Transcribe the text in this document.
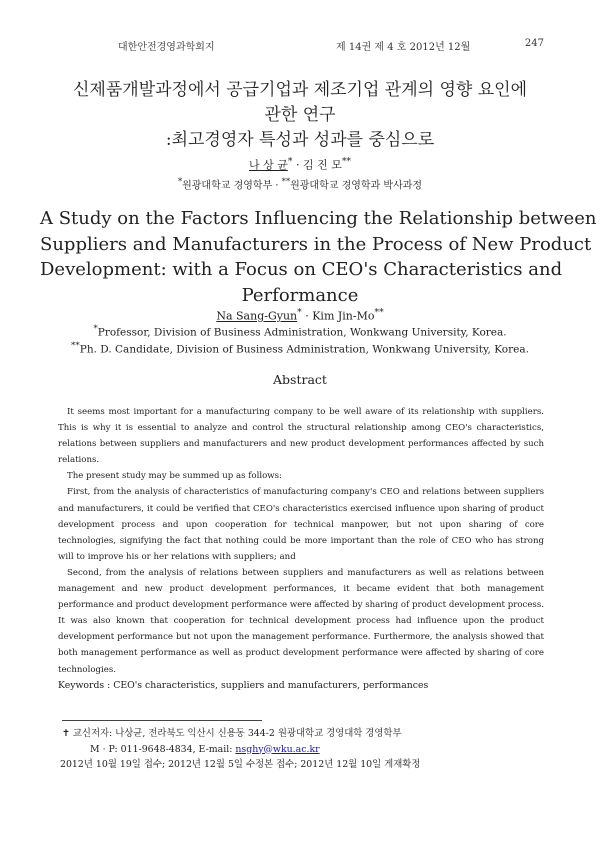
대한안전경영과학회지	제 14권 제 4 호 2012년 12월	247
신제품개발과정에서 공급기업과 제조기업 관계의 영향 요인에
관한 연구
:최고경영자 특성과 성과를 중심으로
나 상 균* · 김 진 모**
*원광대학교 경영학부 · **원광대학교 경영학과 박사과정
A Study on the Factors Influencing the Relationship between
Suppliers and Manufacturers in the Process of New Product
Development: with a Focus on CEO's Characteristics and
Performance
Na Sang-Gyun* · Kim Jin-Mo**
*Professor, Division of Business Administration, Wonkwang University, Korea.
**Ph. D. Candidate, Division of Business Administration, Wonkwang University, Korea.
Abstract

It seems most important for a manufacturing company to be well aware of its relationship with suppliers. This is why it is essential to analyze and control the structural relationship among CEO's characteristics, relations between suppliers and manufacturers and new product development performances affected by such relations.

The present study may be summed up as follows:

First, from the analysis of characteristics of manufacturing company's CEO and relations between suppliers and manufacturers, it could be verified that CEO's characteristics exercised influence upon sharing of product development process and upon cooperation for technical manpower, but not upon sharing of core technologies, signifying the fact that nothing could be more important than the role of CEO who has strong will to improve his or her relations with suppliers; and

Second, from the analysis of relations between suppliers and manufacturers as well as relations between management and new product development performances, it became evident that both management performance and product development performance were affected by sharing of product development process. It was also known that cooperation for technical development process had influence upon the product development performance but not upon the management performance. Furthermore, the analysis showed that both management performance as well as product development performance were affected by sharing of core technologies.

Keywords : CEO's characteristics, suppliers and manufacturers, performances

✝ 교신저자: 나상균, 전라북도 익산시 신용동 344-2 원광대학교 경영대학 경영학부
M · P: 011-9648-4834, E-mail: nsghy@wku.ac.kr
2012년 10월 19일 접수; 2012년 12월 5일 수정본 접수; 2012년 12월 10일 게재확정
